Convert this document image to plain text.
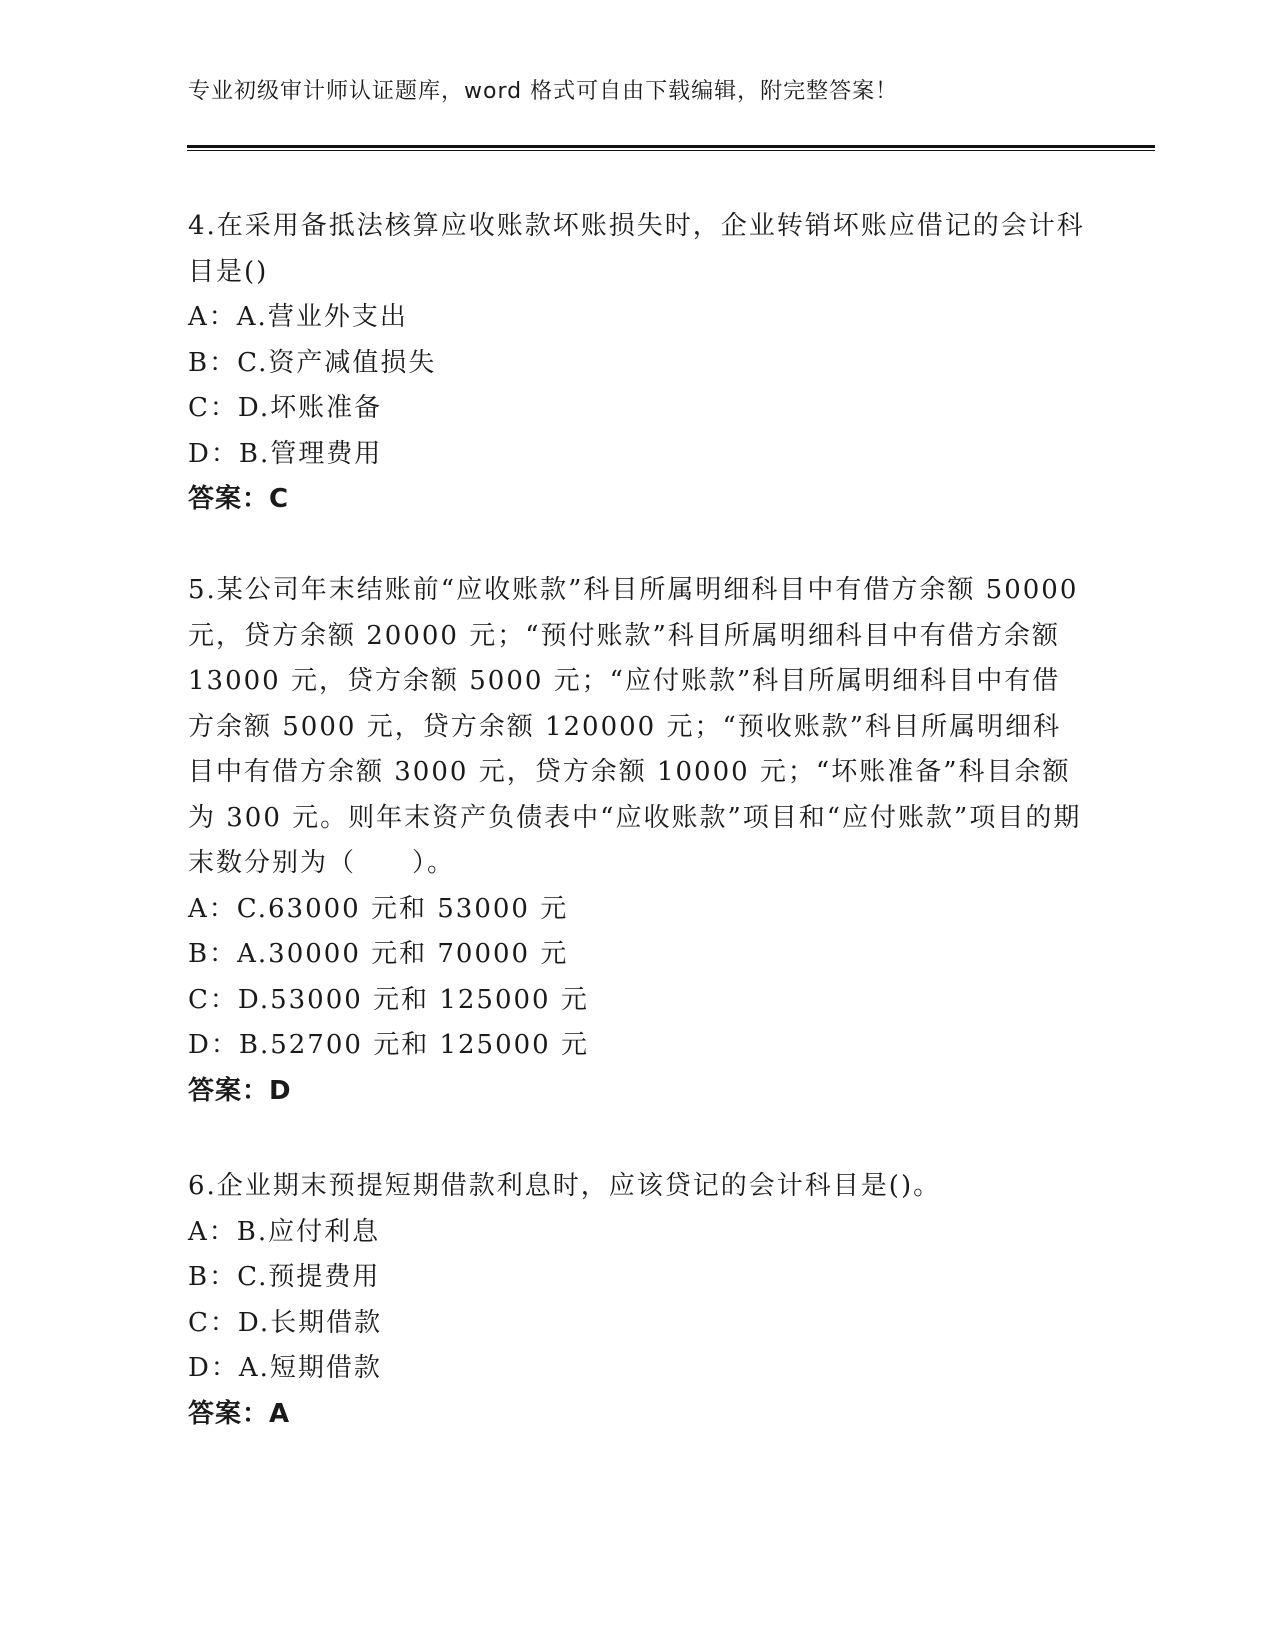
专业初级审计师认证题库，word 格式可自由下载编辑，附完整答案！

4.在采用备抵法核算应收账款坏账损失时，企业转销坏账应借记的会计科目是()

A：A.营业外支出
B：C.资产减值损失
C：D.坏账准备
D：B.管理费用
答案：C

5.某公司年末结账前“应收账款”科目所属明细科目中有借方余额 50000 元，贷方余额 20000 元；“预付账款”科目所属明细科目中有借方余额 13000 元，贷方余额 5000 元；“应付账款”科目所属明细科目中有借方余额 5000 元，贷方余额 120000 元；“预收账款”科目所属明细科目中有借方余额 3000 元，贷方余额 10000 元；“坏账准备”科目余额为 300 元。则年末资产负债表中“应收账款”项目和“应付账款”项目的期末数分别为（　　）。

A：C.63000 元和 53000 元
B：A.30000 元和 70000 元
C：D.53000 元和 125000 元
D：B.52700 元和 125000 元
答案：D

6.企业期末预提短期借款利息时，应该贷记的会计科目是()。

A：B.应付利息
B：C.预提费用
C：D.长期借款
D：A.短期借款
答案：A
